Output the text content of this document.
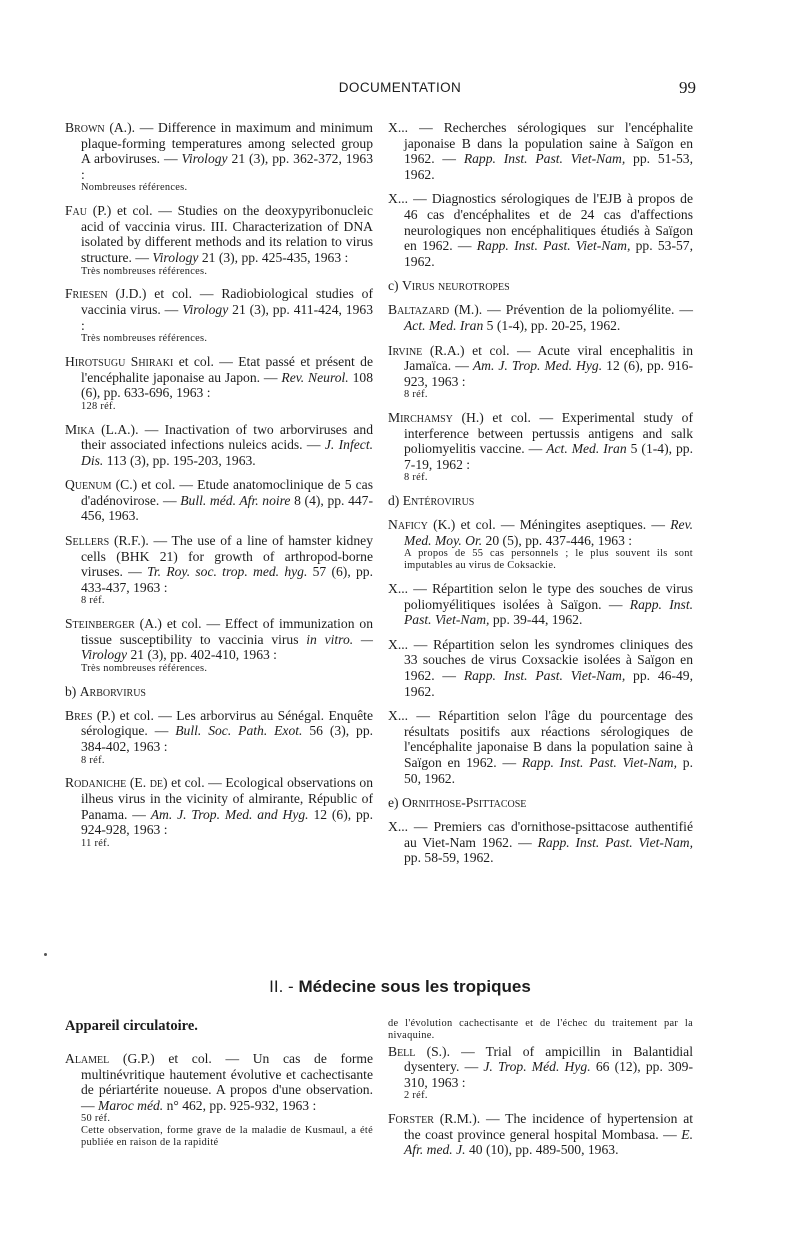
DOCUMENTATION	99
Brown (A.). — Difference in maximum and minimum plaque-forming temperatures among selected group A arboviruses. — Virology 21 (3), pp. 362-372, 1963 :
Nombreuses références.
Fau (P.) et col. — Studies on the deoxypyribonucleic acid of vaccinia virus. III. Characterization of DNA isolated by different methods and its relation to virus structure. — Virology 21 (3), pp. 425-435, 1963 :
Très nombreuses références.
Friesen (J.D.) et col. — Radiobiological studies of vaccinia virus. — Virology 21 (3), pp. 411-424, 1963 :
Très nombreuses références.
Hirotsugu Shiraki et col. — Etat passé et présent de l'encéphalite japonaise au Japon. — Rev. Neurol. 108 (6), pp. 633-696, 1963 :
128 réf.
Mika (L.A.). — Inactivation of two arborviruses and their associated infections nuleics acids. — J. Infect. Dis. 113 (3), pp. 195-203, 1963.
Quenum (C.) et col. — Etude anatomoclinique de 5 cas d'adénovirose. — Bull. méd. Afr. noire 8 (4), pp. 447-456, 1963.
Sellers (R.F.). — The use of a line of hamster kidney cells (BHK 21) for growth of arthropod-borne viruses. — Tr. Roy. soc. trop. med. hyg. 57 (6), pp. 433-437, 1963 :
8 réf.
Steinberger (A.) et col. — Effect of immunization on tissue susceptibility to vaccinia virus in vitro. — Virology 21 (3), pp. 402-410, 1963 :
Très nombreuses références.
b) Arborvirus
Bres (P.) et col. — Les arborvirus au Sénégal. Enquête sérologique. — Bull. Soc. Path. Exot. 56 (3), pp. 384-402, 1963 :
8 réf.
Rodaniche (E. de) et col. — Ecological observations on ilheus virus in the vicinity of almirante, Républic of Panama. — Am. J. Trop. Med. and Hyg. 12 (6), pp. 924-928, 1963 :
11 réf.
X... — Recherches sérologiques sur l'encéphalite japonaise B dans la population saine à Saïgon en 1962. — Rapp. Inst. Past. Viet-Nam, pp. 51-53, 1962.
X... — Diagnostics sérologiques de l'EJB à propos de 46 cas d'encéphalites et de 24 cas d'affections neurologiques non encéphalitiques étudiés à Saïgon en 1962. — Rapp. Inst. Past. Viet-Nam, pp. 53-57, 1962.
c) Virus neurotropes
Baltazard (M.). — Prévention de la poliomyélite. — Act. Med. Iran 5 (1-4), pp. 20-25, 1962.
Irvine (R.A.) et col. — Acute viral encephalitis in Jamaïca. — Am. J. Trop. Med. Hyg. 12 (6), pp. 916-923, 1963 :
8 réf.
Mirchamsy (H.) et col. — Experimental study of interference between pertussis antigens and salk poliomyelitis vaccine. — Act. Med. Iran 5 (1-4), pp. 7-19, 1962 :
8 réf.
d) Entérovirus
Naficy (K.) et col. — Méningites aseptiques. — Rev. Med. Moy. Or. 20 (5), pp. 437-446, 1963 :
A propos de 55 cas personnels ; le plus souvent ils sont imputables au virus de Coksackie.
X... — Répartition selon le type des souches de virus poliomyélitiques isolées à Saïgon. — Rapp. Inst. Past. Viet-Nam, pp. 39-44, 1962.
X... — Répartition selon les syndromes cliniques des 33 souches de virus Coxsackie isolées à Saïgon en 1962. — Rapp. Inst. Past. Viet-Nam, pp. 46-49, 1962.
X... — Répartition selon l'âge du pourcentage des résultats positifs aux réactions sérologiques de l'encéphalite japonaise B dans la population saine à Saïgon en 1962. — Rapp. Inst. Past. Viet-Nam, p. 50, 1962.
e) Ornithose-Psittacose
X... — Premiers cas d'ornithose-psittacose authentifié au Viet-Nam 1962. — Rapp. Inst. Past. Viet-Nam, pp. 58-59, 1962.
II. - Médecine sous les tropiques
Appareil circulatoire.
Alamel (G.P.) et col. — Un cas de forme multinévritique hautement évolutive et cachectisante de périartérite noueuse. A propos d'une observation. — Maroc méd. n° 462, pp. 925-932, 1963 :
50 réf.
Cette observation, forme grave de la maladie de Kusmaul, a été publiée en raison de la rapidité
de l'évolution cachectisante et de l'échec du traitement par la nivaquine.
Bell (S.). — Trial of ampicillin in Balantidial dysentery. — J. Trop. Méd. Hyg. 66 (12), pp. 309-310, 1963 :
2 réf.
Forster (R.M.). — The incidence of hypertension at the coast province general hospital Mombasa. — E. Afr. med. J. 40 (10), pp. 489-500, 1963.
